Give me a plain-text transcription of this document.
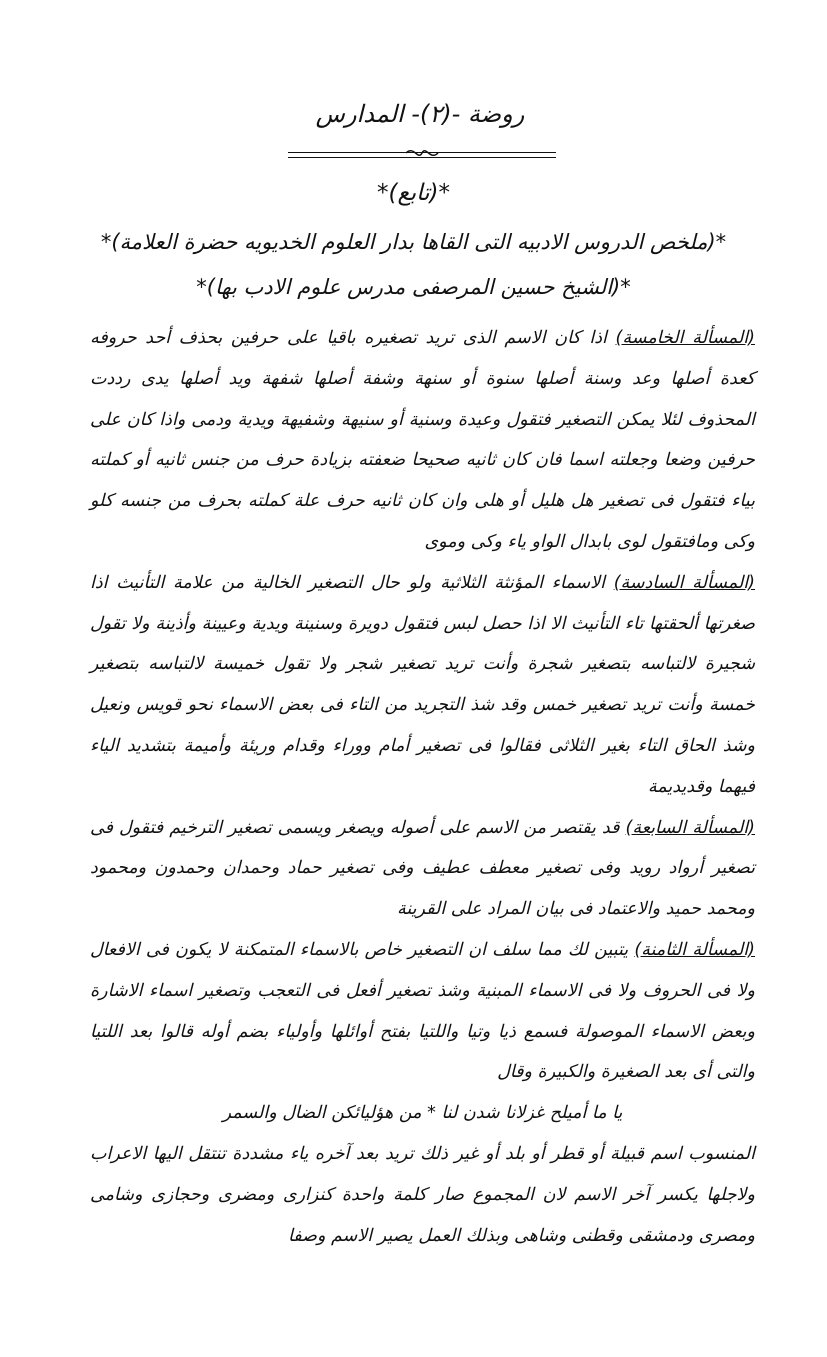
روضة -(٢)- المدارس
*(تابع)*
*(ملخص الدروس الادبيه التى القاها بدار العلوم الخديويه حضرة العلامة)*
*(الشيخ حسين المرصفى مدرس علوم الادب بها)*

(المسألة الخامسة) اذا كان الاسم الذى تريد تصغيره باقيا على حرفين بحذف أحد حروفه كعدة أصلها وعد وسنة أصلها سنوة أو سنهة وشفة أصلها شفهة ويد أصلها يدى رددت المحذوف لئلا يمكن التصغير فتقول وعيدة وسنية أو سنيهة وشفيهة ويدية ودمى واذا كان على حرفين وضعا وجعلته اسما فان كان ثانيه صحيحا ضعفته بزيادة حرف من جنس ثانيه أو كملته بياء فتقول فى تصغير هل هليل أو هلى وان كان ثانيه حرف علة كملته بحرف من جنسه كلو وكى ومافتقول لوى بابدال الواو ياء وكى وموى

(المسألة السادسة) الاسماء المؤنثة الثلاثية ولو حال التصغير الخالية من علامة التأنيث اذا صغرتها ألحقتها تاء التأنيث الا اذا حصل لبس فتقول دويرة وسنينة ويدية وعيينة وأذينة ولا تقول شجيرة لالتباسه بتصغير شجرة وأنت تريد تصغير شجر ولا تقول خميسة لالتباسه بتصغير خمسة وأنت تريد تصغير خمس وقد شذ التجريد من التاء فى بعض الاسماء نحو قويس ونعيل وشذ الحاق التاء بغير الثلاثى فقالوا فى تصغير أمام ووراء وقدام وريئة وأميمة بتشديد الياء فيهما وقديديمة

(المسألة السابعة) قد يقتصر من الاسم على أصوله ويصغر ويسمى تصغير الترخيم فتقول فى تصغير أرواد رويد وفى تصغير معطف عطيف وفى تصغير حماد وحمدان وحمدون ومحمود ومحمد حميد والاعتماد فى بيان المراد على القرينة

(المسألة الثامنة) يتبين لك مما سلف ان التصغير خاص بالاسماء المتمكنة لا يكون فى الافعال ولا فى الحروف ولا فى الاسماء المبنية وشذ تصغير أفعل فى التعجب وتصغير اسماء الاشارة وبعض الاسماء الموصولة فسمع ذيا وتيا واللتيا بفتح أوائلها وأولياء بضم أوله قالوا بعد اللتيا والتى أى بعد الصغيرة والكبيرة وقال

يا ما أميلح غزلانا شدن لنا * من هؤليائكن الضال والسمر

المنسوب اسم قبيلة أو قطر أو بلد أو غير ذلك تريد بعد آخره ياء مشددة تنتقل اليها الاعراب ولاجلها يكسر آخر الاسم لان المجموع صار كلمة واحدة كنزارى ومضرى وحجازى وشامى ومصرى ودمشقى وقطنى وشاهى وبذلك العمل يصير الاسم وصفا
